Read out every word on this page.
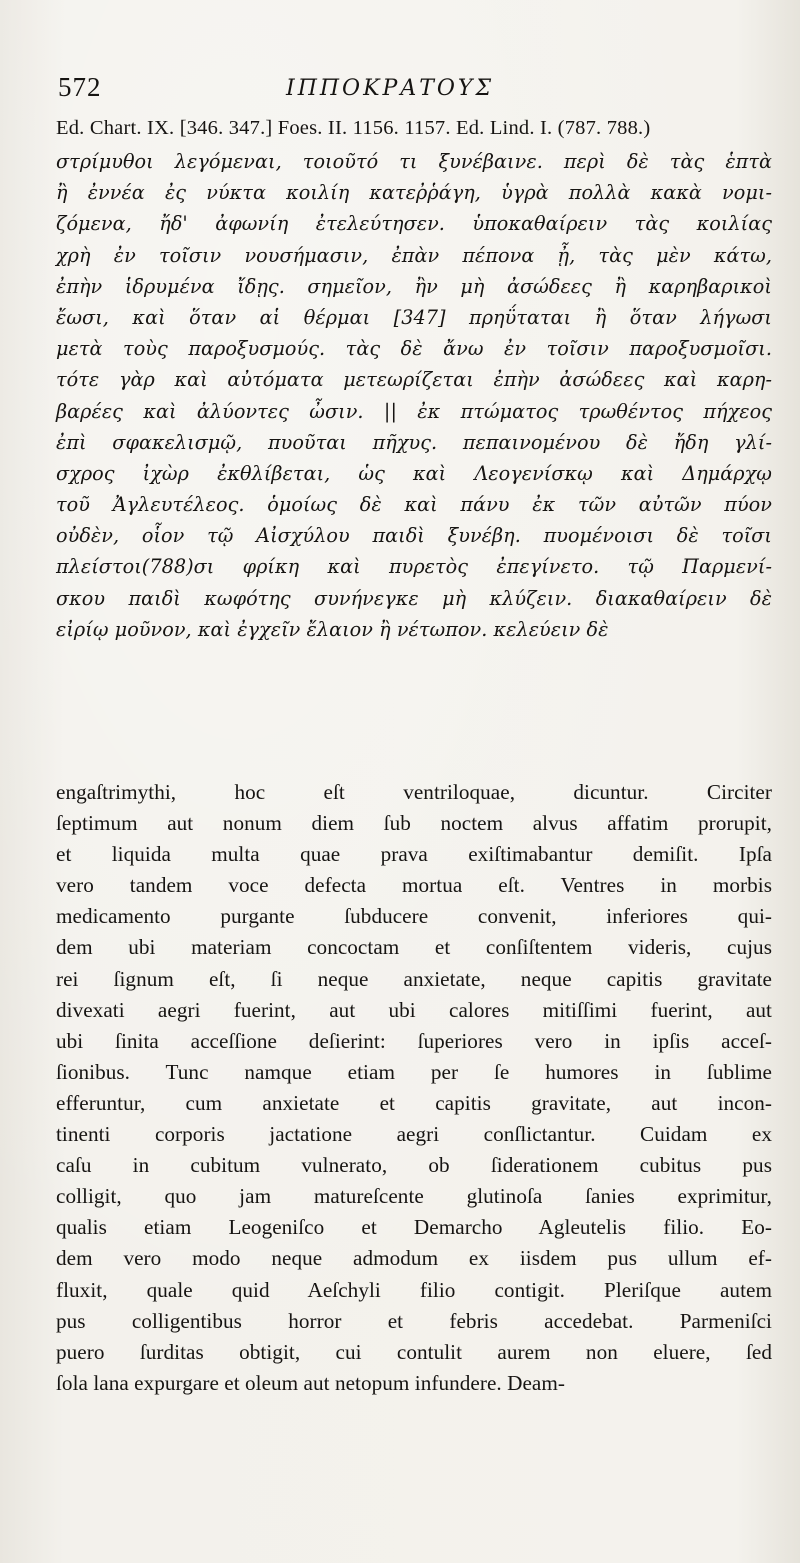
572	ΙΠΠΟΚΡΑΤΟΥΣ
Ed. Chart. IX. [346. 347.] Foes. II. 1156. 1157. Ed. Lind. I. (787. 788.)
στρίμυθοι λεγόμεναι, τοιοῦτό τι ξυνέβαινε. περὶ δὲ τὰς ἑπτὰ
ἢ ἐννέα ἐς νύκτα κοιλίη κατεῤῥάγη, ὑγρὰ πολλὰ κακὰ νομι-
ζόμενα, ἤδ' ἀφωνίη ἐτελεύτησεν. ὑποκαθαίρειν τὰς κοιλίας
χρὴ ἐν τοῖσιν νουσήμασιν, ἐπὰν πέπονα ᾖ, τὰς μὲν κάτω,
ἐπὴν ἱδρυμένα ἴδῃς. σημεῖον, ἢν μὴ ἀσώδεες ἢ καρηβαρικοὶ
ἔωσι, καὶ ὅταν αἱ θέρμαι [347] πρηΰταται ἢ ὅταν λήγωσι
μετὰ τοὺς παροξυσμούς. τὰς δὲ ἄνω ἐν τοῖσιν παροξυσμοῖσι.
τότε γὰρ καὶ αὐτόματα μετεωρίζεται ἐπὴν ἀσώδεες καὶ καρη-
βαρέες καὶ ἀλύοντες ὦσιν. || ἐκ πτώματος τρωθέντος πήχεος
ἐπὶ σφακελισμῷ, πυοῦται πῆχυς. πεπαινομένου δὲ ἤδη γλί-
σχρος ἰχὼρ ἐκθλίβεται, ὡς καὶ Λεογενίσκῳ καὶ Δημάρχῳ
τοῦ Ἀγλευτέλεος. ὁμοίως δὲ καὶ πάνυ ἐκ τῶν αὐτῶν πύον
οὐδὲν, οἷον τῷ Αἰσχύλου παιδὶ ξυνέβη. πυομένοισι δὲ τοῖσι
πλείστοι(788)σι φρίκη καὶ πυρετὸς ἐπεγίνετο. τῷ Παρμενί-
σκου παιδὶ κωφότης συνήνεγκε μὴ κλύζειν. διακαθαίρειν δὲ
εἰρίῳ μοῦνον, καὶ ἐγχεῖν ἔλαιον ἢ νέτωπον. κελεύειν δὲ
engaſtrimythi, hoc eſt ventriloquae, dicuntur. Circiter
ſeptimum aut nonum diem ſub noctem alvus affatim prorupit,
et liquida multa quae prava exiſtimabantur demiſit. Ipſa
vero tandem voce defecta mortua eſt. Ventres in morbis
medicamento purgante ſubducere convenit, inferiores qui-
dem ubi materiam concoctam et conſiſtentem videris, cujus
rei ſignum eſt, ſi neque anxietate, neque capitis gravitate
divexati aegri fuerint, aut ubi calores mitiſſimi fuerint, aut
ubi ſinita acceſſione deſierint: ſuperiores vero in ipſis acceſ-
ſionibus. Tunc namque etiam per ſe humores in ſublime
efferuntur, cum anxietate et capitis gravitate, aut incon-
tinenti corporis jactatione aegri conſlictantur. Cuidam ex
caſu in cubitum vulnerato, ob ſiderationem cubitus pus
colligit, quo jam matureſcente glutinoſa ſanies exprimitur,
qualis etiam Leogeniſco et Demarcho Agleutelis filio. Eo-
dem vero modo neque admodum ex iisdem pus ullum ef-
fluxit, quale quid Aeſchyli filio contigit. Pleriſque autem
pus colligentibus horror et febris accedebat. Parmeniſci
puero ſurditas obtigit, cui contulit aurem non eluere, ſed
ſola lana expurgare et oleum aut netopum infundere. Deam-
